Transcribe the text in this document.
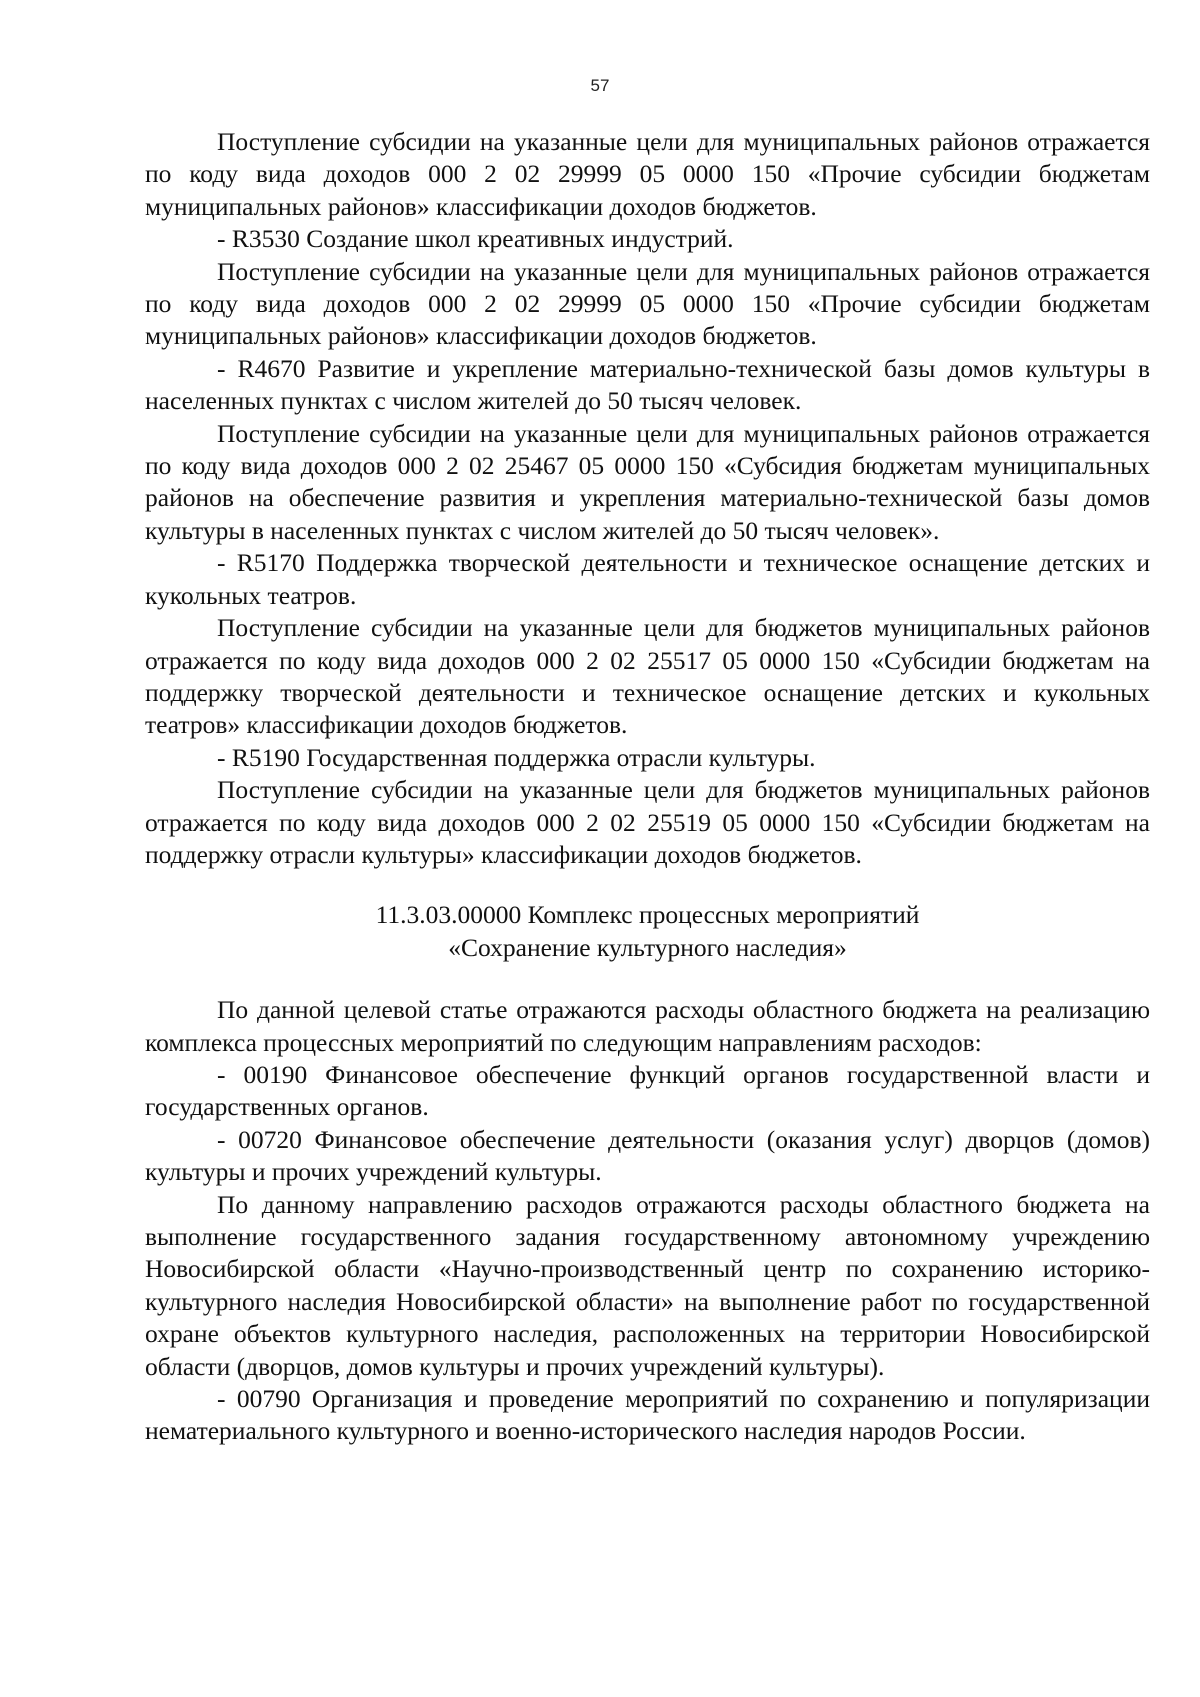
57

Поступление субсидии на указанные цели для муниципальных районов отражается по коду вида доходов 000 2 02 29999 05 0000 150 «Прочие субсидии бюджетам муниципальных районов» классификации доходов бюджетов.

- R3530 Создание школ креативных индустрий.

Поступление субсидии на указанные цели для муниципальных районов отражается по коду вида доходов 000 2 02 29999 05 0000 150 «Прочие субсидии бюджетам муниципальных районов» классификации доходов бюджетов.

- R4670 Развитие и укрепление материально-технической базы домов культуры в населенных пунктах с числом жителей до 50 тысяч человек.

Поступление субсидии на указанные цели для муниципальных районов отражается по коду вида доходов 000 2 02 25467 05 0000 150 «Субсидия бюджетам муниципальных районов на обеспечение развития и укрепления материально-технической базы домов культуры в населенных пунктах с числом жителей до 50 тысяч человек».

- R5170 Поддержка творческой деятельности и техническое оснащение детских и кукольных театров.

Поступление субсидии на указанные цели для бюджетов муниципальных районов отражается по коду вида доходов 000 2 02 25517 05 0000 150 «Субсидии бюджетам на поддержку творческой деятельности и техническое оснащение детских и кукольных театров» классификации доходов бюджетов.

- R5190 Государственная поддержка отрасли культуры.

Поступление субсидии на указанные цели для бюджетов муниципальных районов отражается по коду вида доходов 000 2 02 25519 05 0000 150 «Субсидии бюджетам на поддержку отрасли культуры» классификации доходов бюджетов.

11.3.03.00000 Комплекс процессных мероприятий
«Сохранение культурного наследия»

По данной целевой статье отражаются расходы областного бюджета на реализацию комплекса процессных мероприятий по следующим направлениям расходов:

- 00190 Финансовое обеспечение функций органов государственной власти и государственных органов.

- 00720 Финансовое обеспечение деятельности (оказания услуг) дворцов (домов) культуры и прочих учреждений культуры.

По данному направлению расходов отражаются расходы областного бюджета на выполнение государственного задания государственному автономному учреждению Новосибирской области «Научно-производственный центр по сохранению историко-культурного наследия Новосибирской области» на выполнение работ по государственной охране объектов культурного наследия, расположенных на территории Новосибирской области (дворцов, домов культуры и прочих учреждений культуры).

- 00790 Организация и проведение мероприятий по сохранению и популяризации нематериального культурного и военно-исторического наследия народов России.
